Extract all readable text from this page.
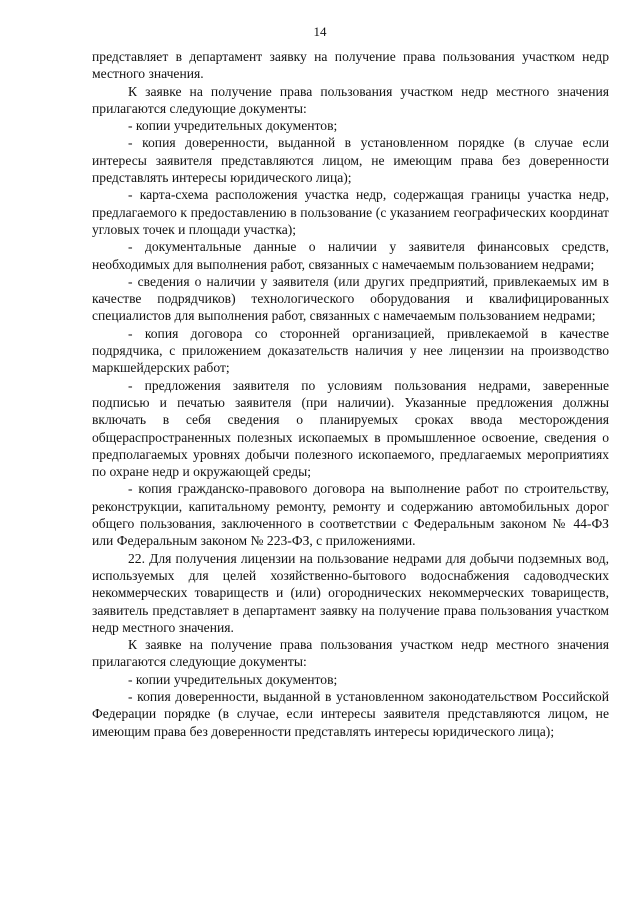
14

представляет в департамент заявку на получение права пользования участком недр местного значения.

К заявке на получение права пользования участком недр местного значения прилагаются следующие документы:

- копии учредительных документов;

- копия доверенности, выданной в установленном порядке (в случае если интересы заявителя представляются лицом, не имеющим права без доверенности представлять интересы юридического лица);

- карта-схема расположения участка недр, содержащая границы участка недр, предлагаемого к предоставлению в пользование (с указанием географических координат угловых точек и площади участка);

- документальные данные о наличии у заявителя финансовых средств, необходимых для выполнения работ, связанных с намечаемым пользованием недрами;

- сведения о наличии у заявителя (или других предприятий, привлекаемых им в качестве подрядчиков) технологического оборудования и квалифицированных специалистов для выполнения работ, связанных с намечаемым пользованием недрами;

- копия договора со сторонней организацией, привлекаемой в качестве подрядчика, с приложением доказательств наличия у нее лицензии на производство маркшейдерских работ;

- предложения заявителя по условиям пользования недрами, заверенные подписью и печатью заявителя (при наличии). Указанные предложения должны включать в себя сведения о планируемых сроках ввода месторождения общераспространенных полезных ископаемых в промышленное освоение, сведения о предполагаемых уровнях добычи полезного ископаемого, предлагаемых мероприятиях по охране недр и окружающей среды;

- копия гражданско-правового договора на выполнение работ по строительству, реконструкции, капитальному ремонту, ремонту и содержанию автомобильных дорог общего пользования, заключенного в соответствии с Федеральным законом № 44-ФЗ или Федеральным законом № 223-ФЗ, с приложениями.

22. Для получения лицензии на пользование недрами для добычи подземных вод, используемых для целей хозяйственно-бытового водоснабжения садоводческих некоммерческих товариществ и (или) огороднических некоммерческих товариществ, заявитель представляет в департамент заявку на получение права пользования участком недр местного значения.

К заявке на получение права пользования участком недр местного значения прилагаются следующие документы:

- копии учредительных документов;

- копия доверенности, выданной в установленном законодательством Российской Федерации порядке (в случае, если интересы заявителя представляются лицом, не имеющим права без доверенности представлять интересы юридического лица);
